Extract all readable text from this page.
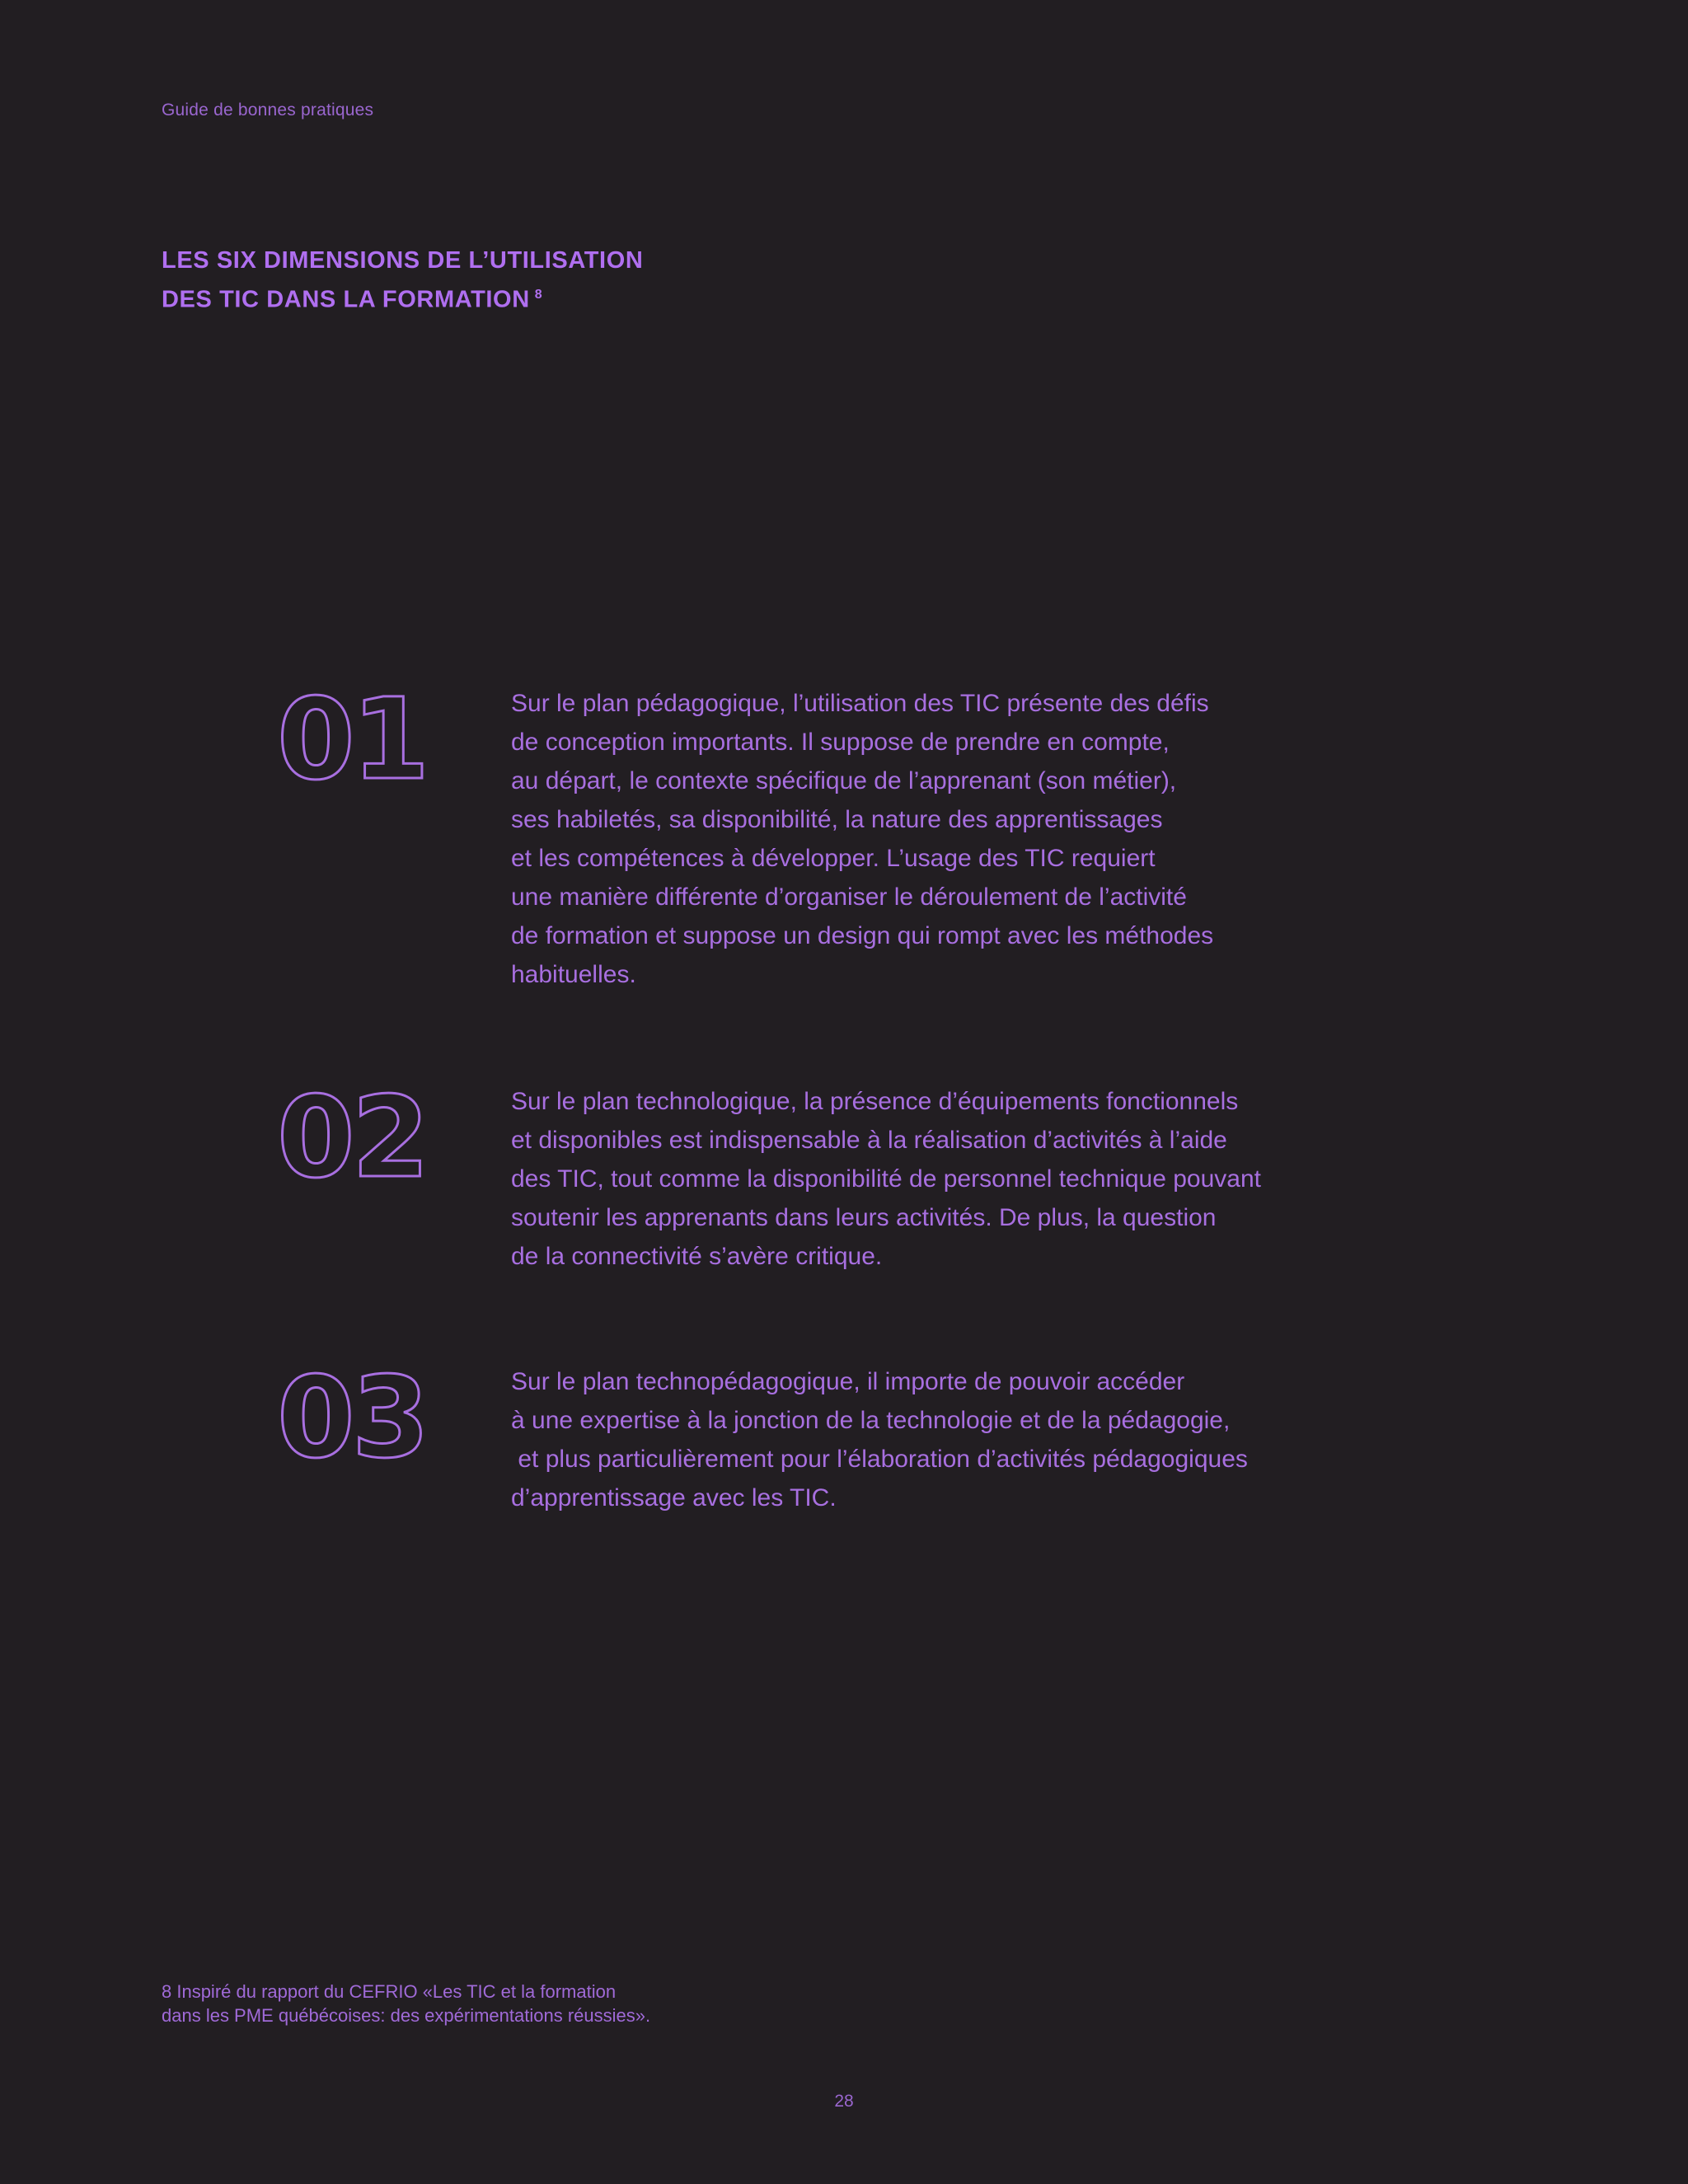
Guide de bonnes pratiques
LES SIX DIMENSIONS DE L’UTILISATION
DES TIC DANS LA FORMATION $^8$
01	Sur le plan pédagogique, l’utilisation des TIC présente des défis
de conception importants. Il suppose de prendre en compte,
au départ, le contexte spécifique de l’apprenant (son métier),
ses habiletés, sa disponibilité, la nature des apprentissages
et les compétences à développer. L’usage des TIC requiert
une manière différente d’organiser le déroulement de l’activité
de formation et suppose un design qui rompt avec les méthodes
habituelles.
02	Sur le plan technologique, la présence d’équipements fonctionnels
et disponibles est indispensable à la réalisation d’activités à l’aide
des TIC, tout comme la disponibilité de personnel technique pouvant
soutenir les apprenants dans leurs activités. De plus, la question
de la connectivité s’avère critique.
03	Sur le plan technopédagogique, il importe de pouvoir accéder
à une expertise à la jonction de la technologie et de la pédagogie,
et plus particulièrement pour l’élaboration d’activités pédagogiques
d’apprentissage avec les TIC.
8 Inspiré du rapport du CEFRIO «Les TIC et la formation
dans les PME québécoises: des expérimentations réussies».
28
